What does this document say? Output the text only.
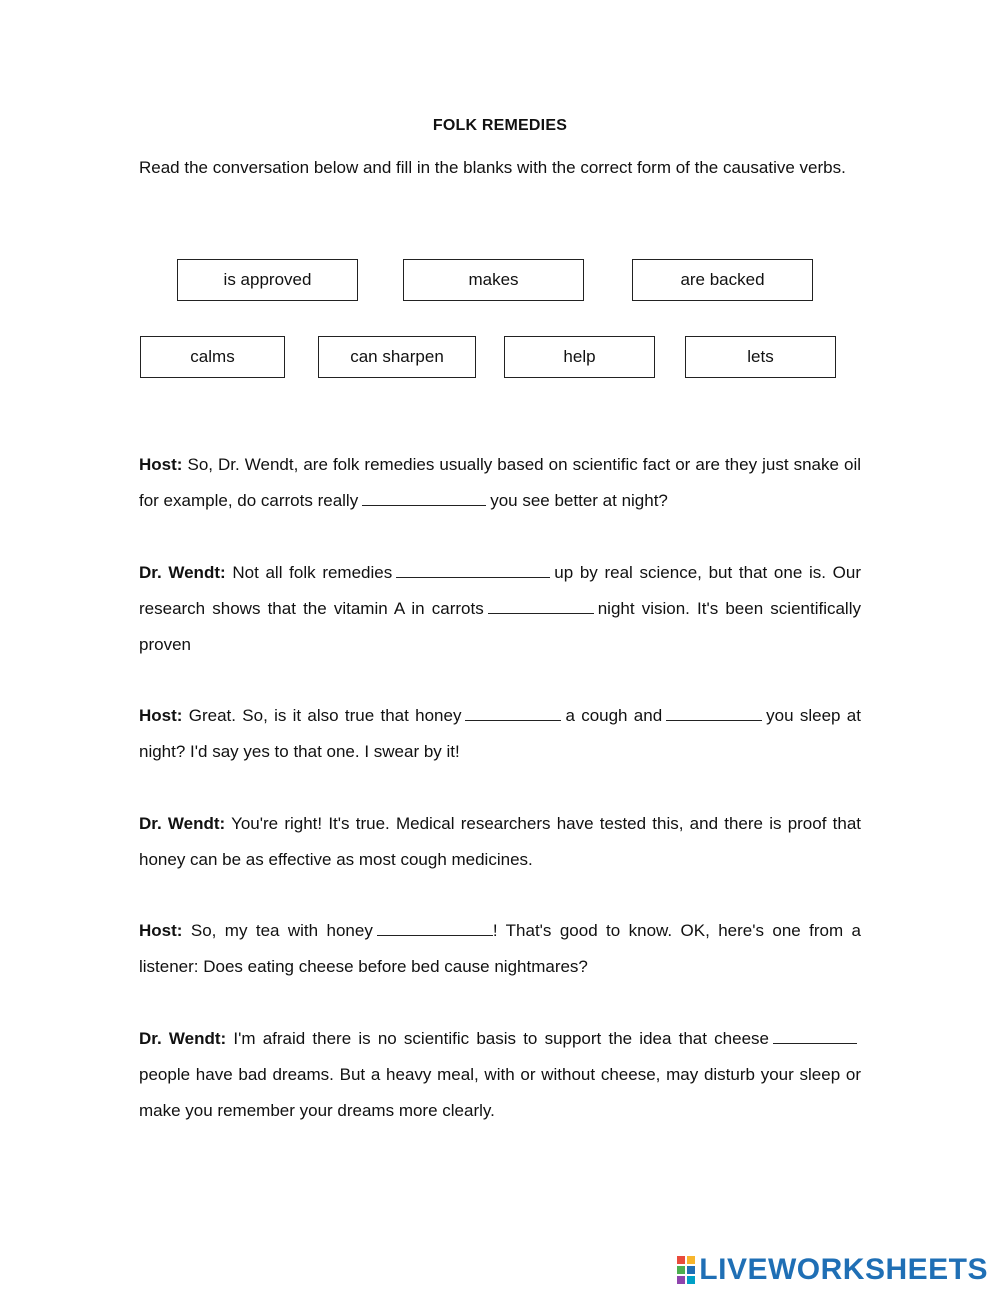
FOLK REMEDIES
Read the conversation below and fill in the blanks with the correct form of the causative verbs.
is approved	makes	are backed
calms	can sharpen	help	lets

Host: So, Dr. Wendt, are folk remedies usually based on scientific fact or are they just snake oil for example, do carrots really	you see better at night?

Dr. Wendt: Not all folk remedies	up by real science, but that one is. Our research shows that the vitamin A in carrots	night vision. It's been scientifically proven

Host: Great. So, is it also true that honey	a cough and	you sleep at night? I'd say yes to that one. I swear by it!

Dr. Wendt: You're right! It's true. Medical researchers have tested this, and there is proof that honey can be as effective as most cough medicines.

Host: So, my tea with honey	! That's good to know. OK, here's one from a listener: Does eating cheese before bed cause nightmares?

Dr. Wendt: I'm afraid there is no scientific basis to support the idea that cheesepeople have bad dreams. But a heavy meal, with or without cheese, may disturb your sleep or make you remember your dreams more clearly.

LIVEWORKSHEETS
